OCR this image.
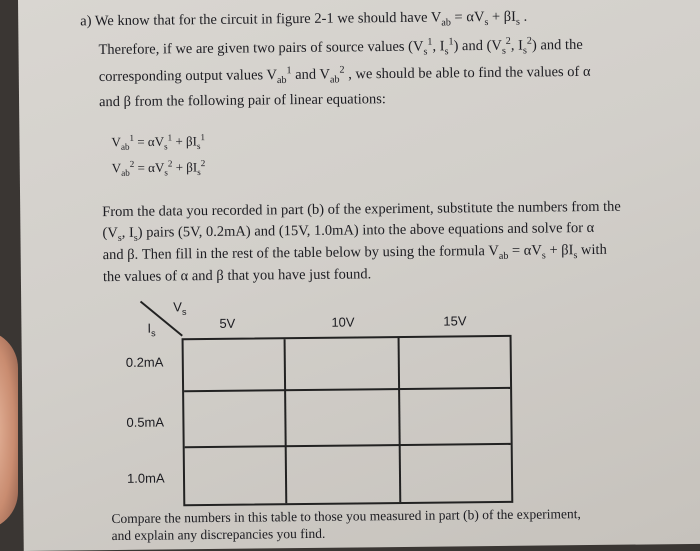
a) We know that for the circuit in figure 2-1 we should have $V_{ab} = \alpha V_s + \beta I_s$ .
Therefore, if we are given two pairs of source values ($V_s^1$, $I_s^1$) and ($V_s^2$, $I_s^2$) and the
corresponding output values $V_{ab}^1$ and $V_{ab}^2$ , we should be able to find the values of α
and β from the following pair of linear equations:
$V_{ab}^1 = \alpha V_s^1 + \beta I_s^1$
$V_{ab}^2 = \alpha V_s^2 + \beta I_s^2$
From the data you recorded in part (b) of the experiment, substitute the numbers from the
($V_s$, $I_s$) pairs (5V, 0.2mA) and (15V, 1.0mA) into the above equations and solve for α
and β. Then fill in the rest of the table below by using the formula $V_{ab} = \alpha V_s + \beta I_s$ with
the values of α and β that you have just found.
$V_s$
$I_s$
5V	10V	15V
0.2mA
0.5mA
1.0mA
Compare the numbers in this table to those you measured in part (b) of the experiment,
and explain any discrepancies you find.
